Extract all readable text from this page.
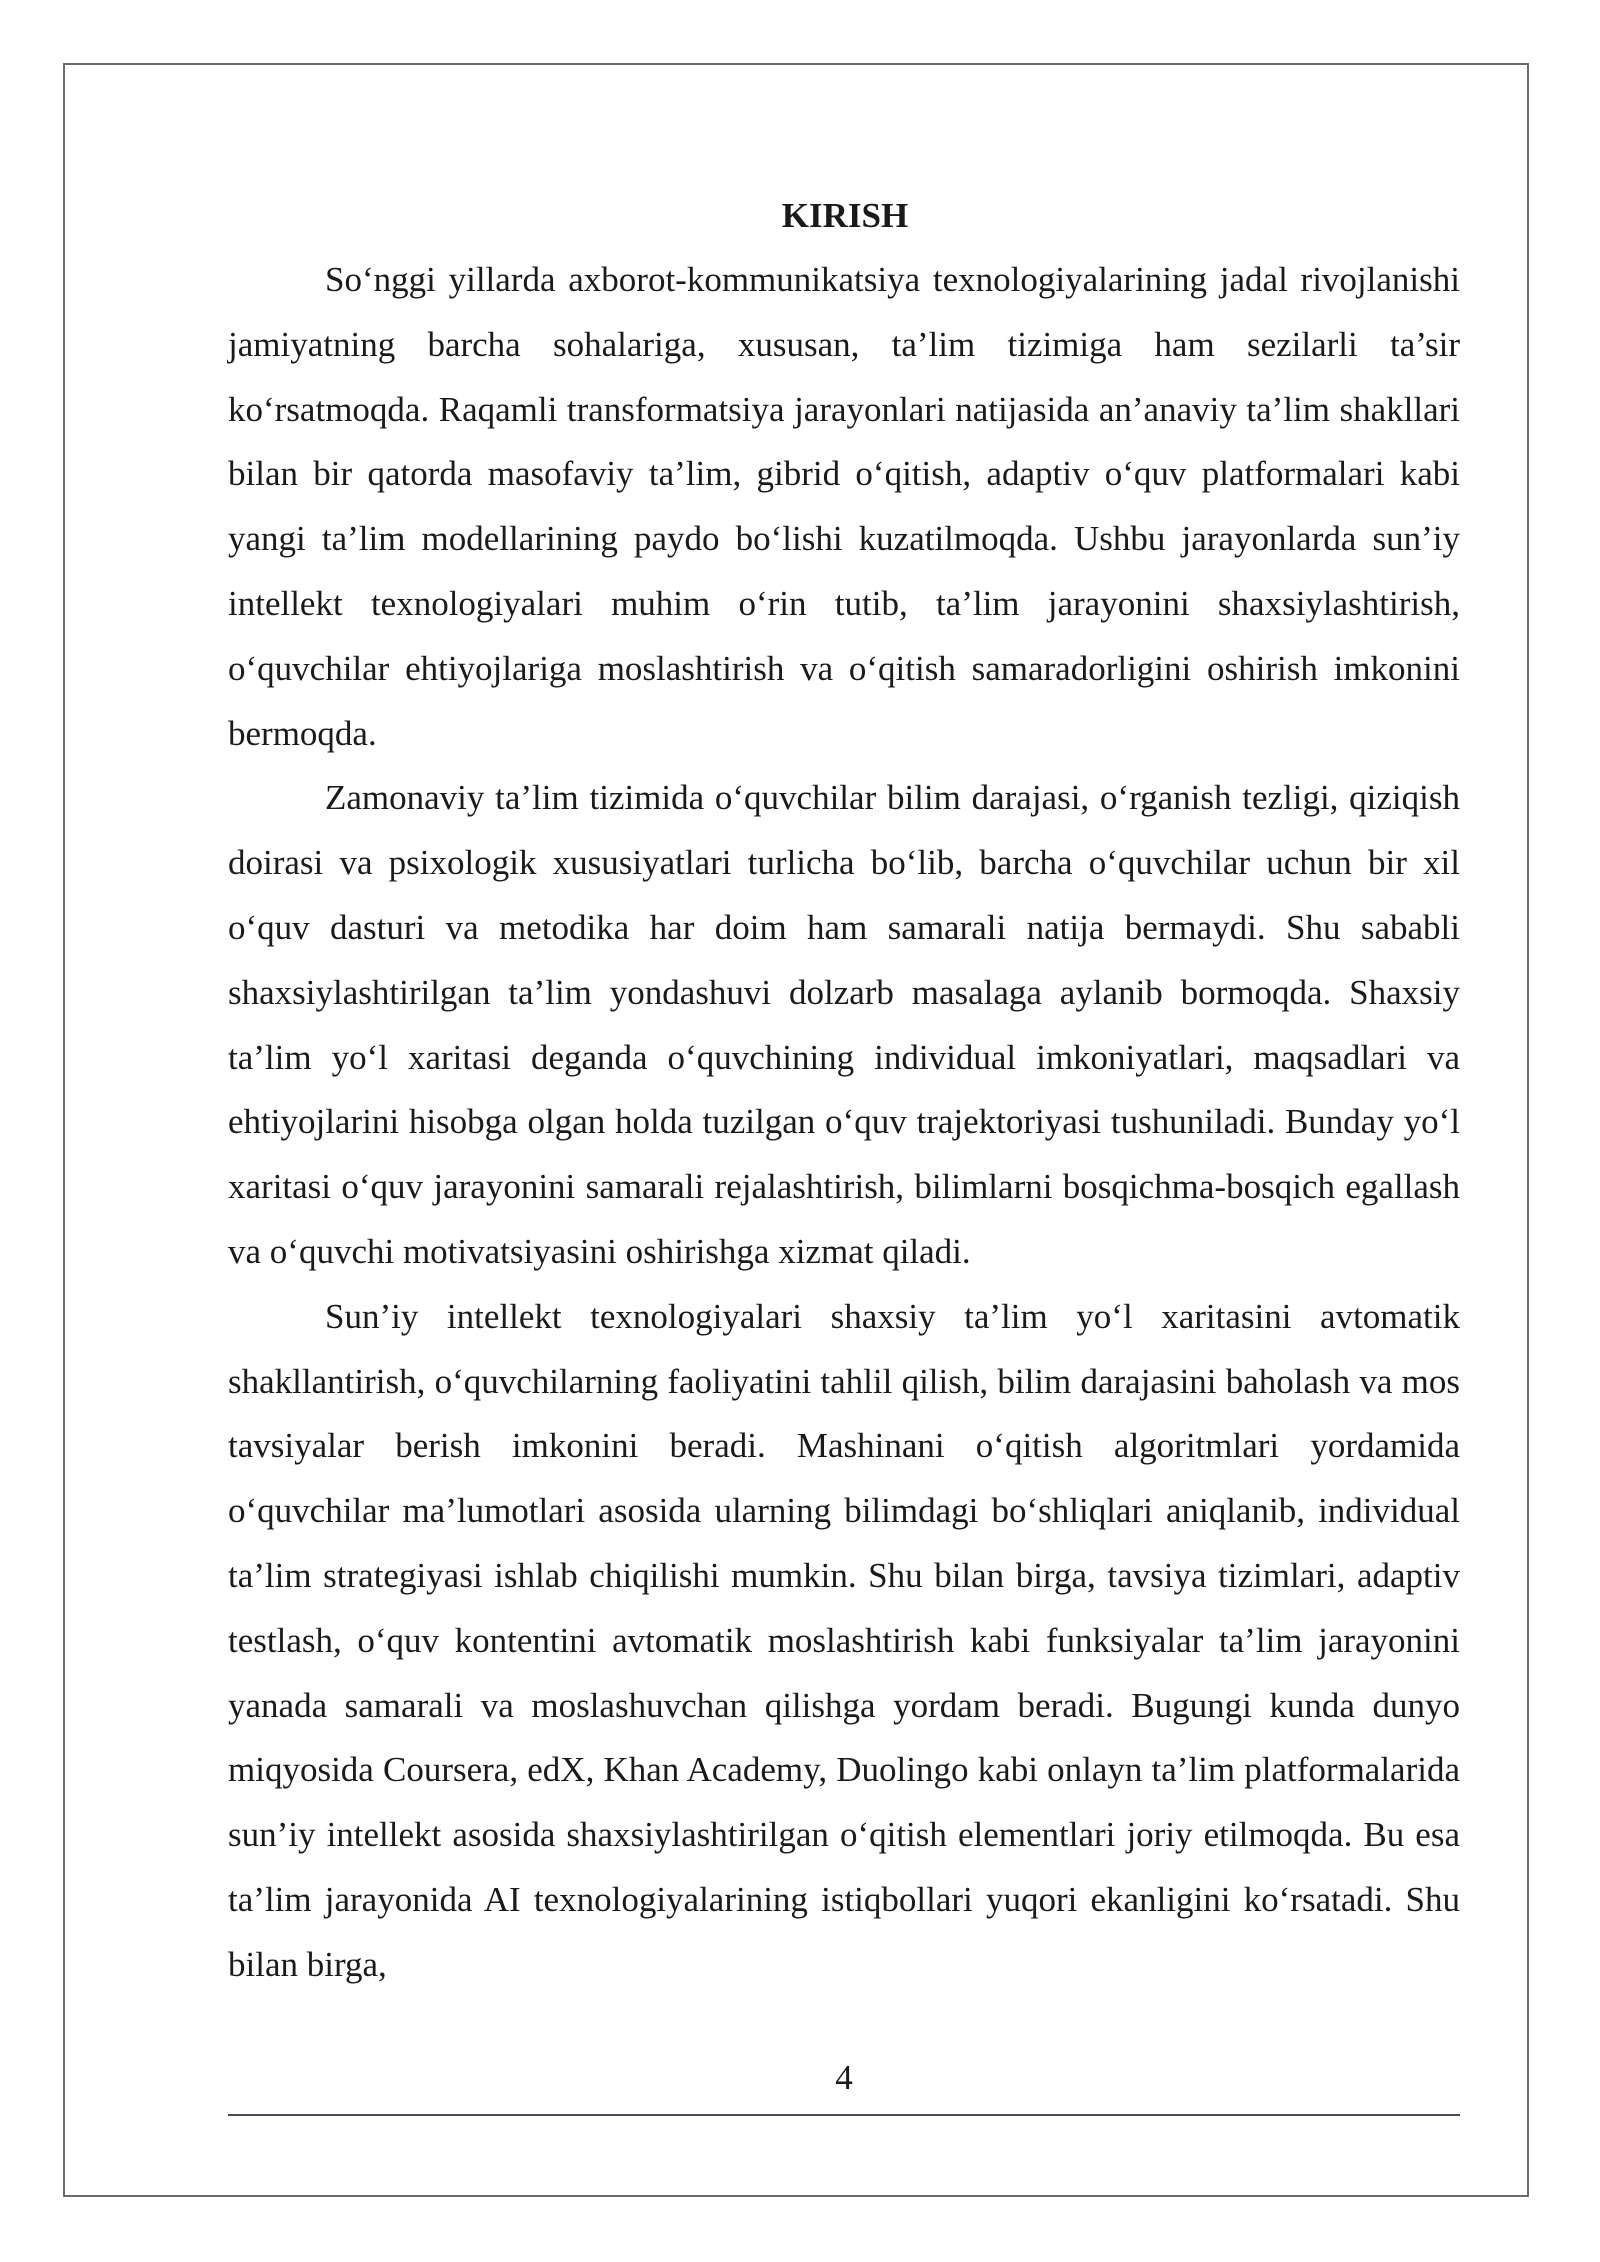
KIRISH

So‘nggi yillarda axborot-kommunikatsiya texnologiyalarining jadal rivojlanishi jamiyatning barcha sohalariga, xususan, ta’lim tizimiga ham sezilarli ta’sir ko‘rsatmoqda. Raqamli transformatsiya jarayonlari natijasida an’anaviy ta’lim shakllari bilan bir qatorda masofaviy ta’lim, gibrid o‘qitish, adaptiv o‘quv platformalari kabi yangi ta’lim modellarining paydo bo‘lishi kuzatilmoqda. Ushbu jarayonlarda sun’iy intellekt texnologiyalari muhim o‘rin tutib, ta’lim jarayonini shaxsiylashtirish, o‘quvchilar ehtiyojlariga moslashtirish va o‘qitish samaradorligini oshirish imkonini bermoqda.

Zamonaviy ta’lim tizimida o‘quvchilar bilim darajasi, o‘rganish tezligi, qiziqish doirasi va psixologik xususiyatlari turlicha bo‘lib, barcha o‘quvchilar uchun bir xil o‘quv dasturi va metodika har doim ham samarali natija bermaydi. Shu sababli shaxsiylashtirilgan ta’lim yondashuvi dolzarb masalaga aylanib bormoqda. Shaxsiy ta’lim yo‘l xaritasi deganda o‘quvchining individual imkoniyatlari, maqsadlari va ehtiyojlarini hisobga olgan holda tuzilgan o‘quv trajektoriyasi tushuniladi. Bunday yo‘l xaritasi o‘quv jarayonini samarali rejalashtirish, bilimlarni bosqichma-bosqich egallash va o‘quvchi motivatsiyasini oshirishga xizmat qiladi.

Sun’iy intellekt texnologiyalari shaxsiy ta’lim yo‘l xaritasini avtomatik shakllantirish, o‘quvchilarning faoliyatini tahlil qilish, bilim darajasini baholash va mos tavsiyalar berish imkonini beradi. Mashinani o‘qitish algoritmlari yordamida o‘quvchilar ma’lumotlari asosida ularning bilimdagi bo‘shliqlari aniqlanib, individual ta’lim strategiyasi ishlab chiqilishi mumkin. Shu bilan birga, tavsiya tizimlari, adaptiv testlash, o‘quv kontentini avtomatik moslashtirish kabi funksiyalar ta’lim jarayonini yanada samarali va moslashuvchan qilishga yordam beradi. Bugungi kunda dunyo miqyosida Coursera, edX, Khan Academy, Duolingo kabi onlayn ta’lim platformalarida sun’iy intellekt asosida shaxsiylashtirilgan o‘qitish elementlari joriy etilmoqda. Bu esa ta’lim jarayonida AI texnologiyalarining istiqbollari yuqori ekanligini ko‘rsatadi. Shu bilan birga,

4
